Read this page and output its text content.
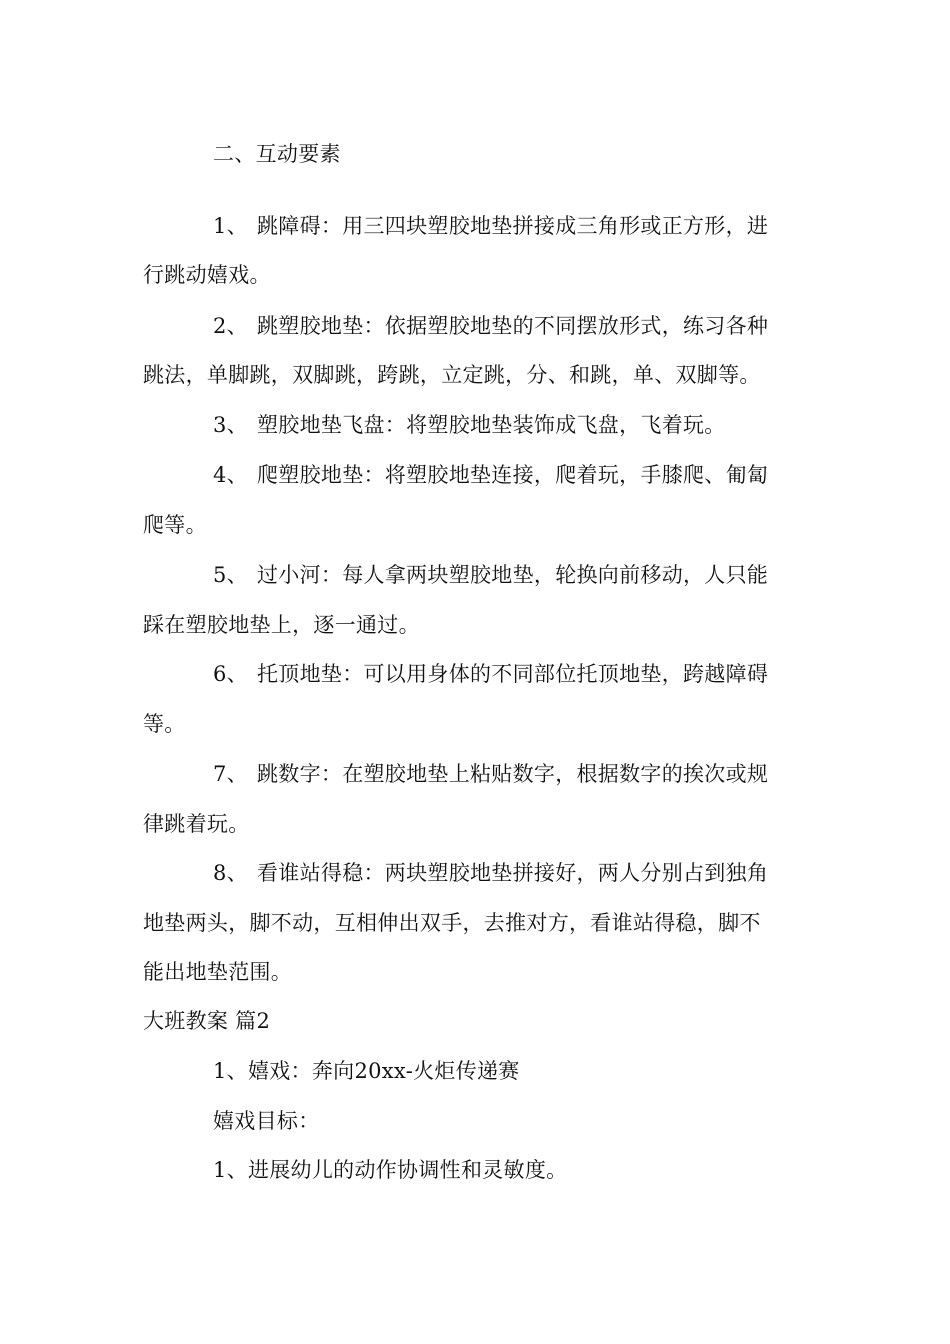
二、互动要素
1、 跳障碍：用三四块塑胶地垫拼接成三角形或正方形，进
行跳动嬉戏。
2、 跳塑胶地垫：依据塑胶地垫的不同摆放形式，练习各种
跳法，单脚跳，双脚跳，跨跳，立定跳，分、和跳，单、双脚等。
3、 塑胶地垫飞盘：将塑胶地垫装饰成飞盘，飞着玩。
4、 爬塑胶地垫：将塑胶地垫连接，爬着玩，手膝爬、匍匐
爬等。
5、 过小河：每人拿两块塑胶地垫，轮换向前移动，人只能
踩在塑胶地垫上，逐一通过。
6、 托顶地垫：可以用身体的不同部位托顶地垫，跨越障碍
等。
7、 跳数字：在塑胶地垫上粘贴数字，根据数字的挨次或规
律跳着玩。
8、 看谁站得稳：两块塑胶地垫拼接好，两人分别占到独角
地垫两头，脚不动，互相伸出双手，去推对方，看谁站得稳，脚不
能出地垫范围。
大班教案 篇2
1、嬉戏：奔向20xx-火炬传递赛
嬉戏目标：
1、进展幼儿的动作协调性和灵敏度。
